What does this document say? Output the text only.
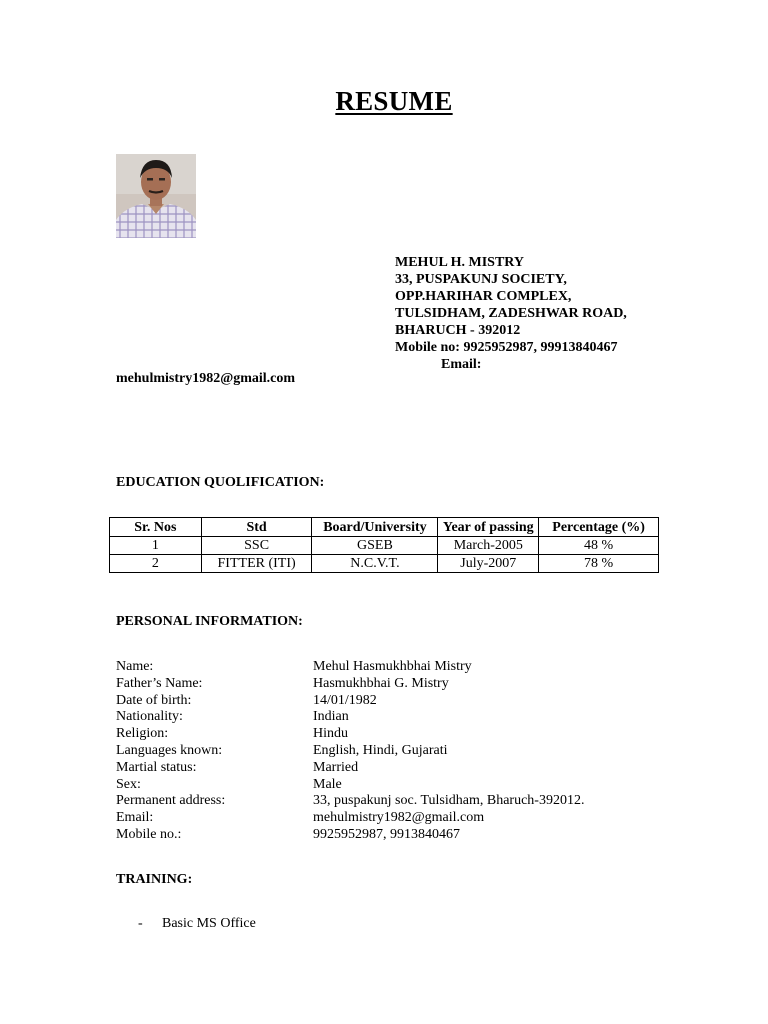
RESUME
MEHUL H. MISTRY
33, PUSPAKUNJ SOCIETY,
OPP.HARIHAR COMPLEX,
TULSIDHAM, ZADESHWAR ROAD,
BHARUCH - 392012
Mobile no: 9925952987, 99913840467
Email:
mehulmistry1982@gmail.com
EDUCATION QUOLIFICATION:
Sr. Nos	Std	Board/University	Year of passing	Percentage (%)
1	SSC	GSEB	March-2005	48 %
2	FITTER (ITI)	N.C.V.T.	July-2007	78 %
PERSONAL INFORMATION:
Name:	Mehul Hasmukhbhai Mistry
Father’s Name:	Hasmukhbhai G. Mistry
Date of birth:	14/01/1982
Nationality:	Indian
Religion:	Hindu
Languages known:	English, Hindi, Gujarati
Martial status:	Married
Sex:	Male
Permanent address:	33, puspakunj soc. Tulsidham, Bharuch-392012.
Email:	mehulmistry1982@gmail.com
Mobile no.:	9925952987, 9913840467
TRAINING:
- Basic MS Office
